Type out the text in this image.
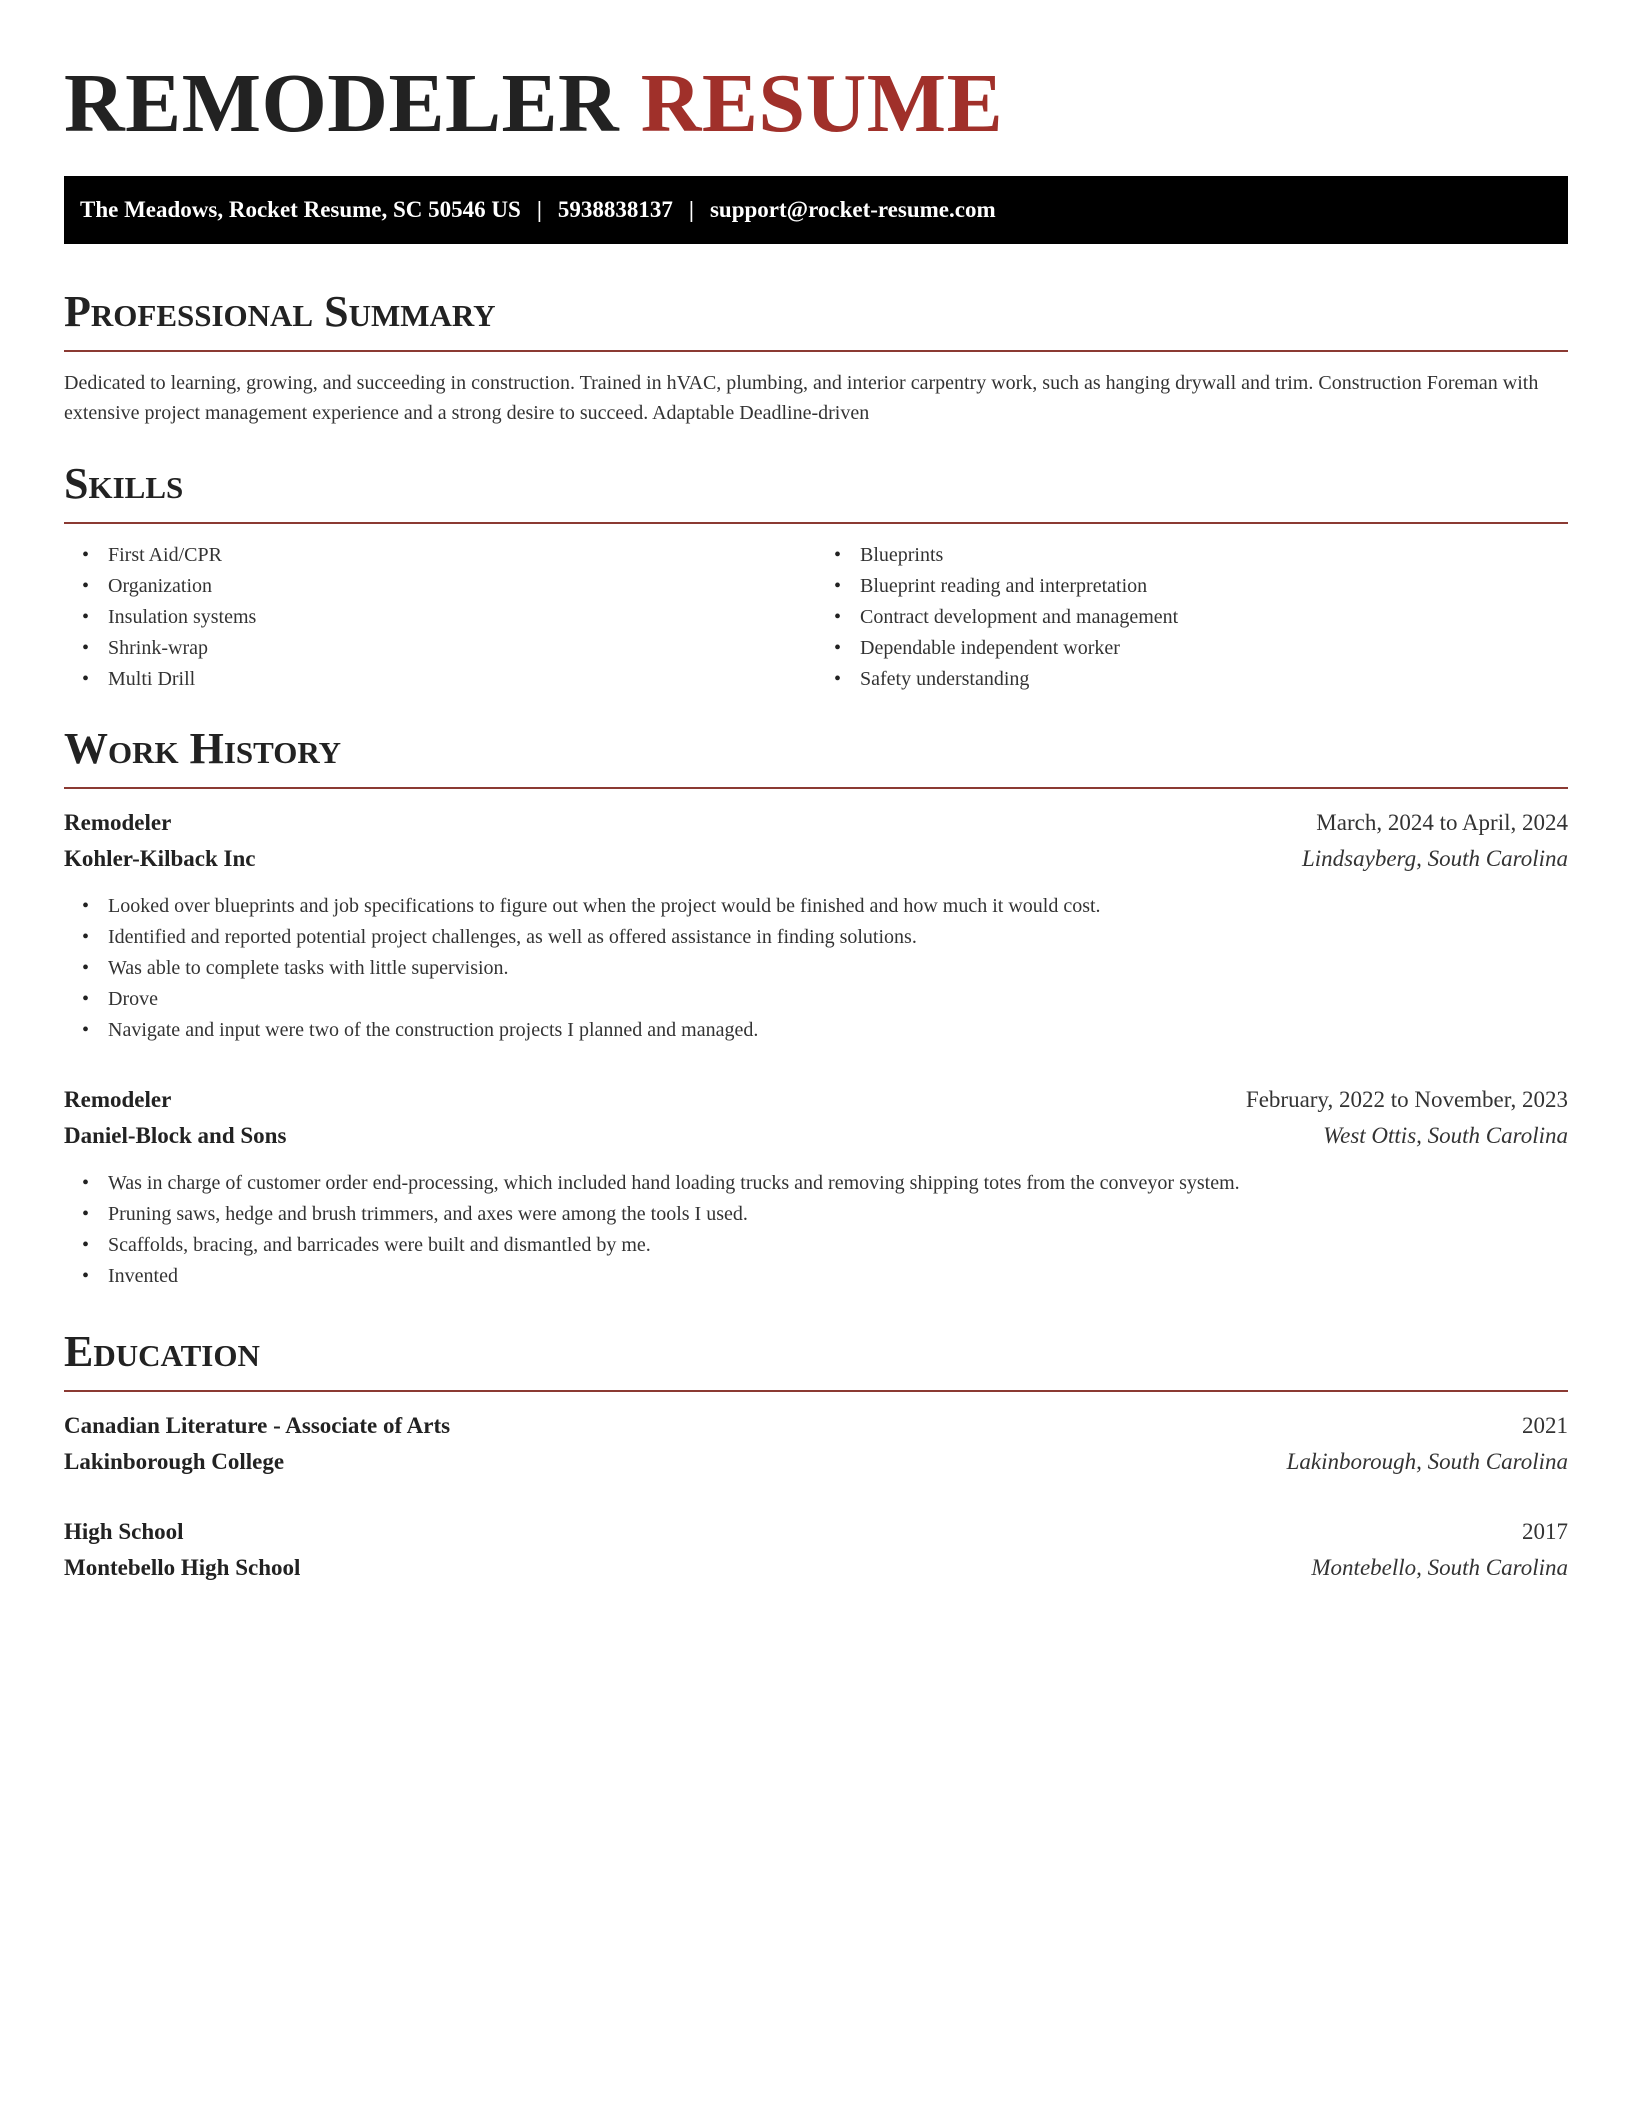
REMODELER RESUME
The Meadows, Rocket Resume, SC 50546 US | 5938838137 | support@rocket-resume.com
Professional Summary

Dedicated to learning, growing, and succeeding in construction. Trained in hVAC, plumbing, and interior carpentry work, such as hanging drywall and trim. Construction Foreman with extensive project management experience and a strong desire to succeed. Adaptable Deadline-driven

Skills
• First Aid/CPR
• Organization
• Insulation systems
• Shrink-wrap
• Multi Drill
• Blueprints
• Blueprint reading and interpretation
• Contract development and management
• Dependable independent worker
• Safety understanding
Work History
Remodeler	March, 2024 to April, 2024
Kohler-Kilback Inc	Lindsayberg, South Carolina
• Looked over blueprints and job specifications to figure out when the project would be finished and how much it would cost.
• Identified and reported potential project challenges, as well as offered assistance in finding solutions.
• Was able to complete tasks with little supervision.
• Drove
• Navigate and input were two of the construction projects I planned and managed.
Remodeler	February, 2022 to November, 2023
Daniel-Block and Sons	West Ottis, South Carolina
• Was in charge of customer order end-processing, which included hand loading trucks and removing shipping totes from the conveyor system.
• Pruning saws, hedge and brush trimmers, and axes were among the tools I used.
• Scaffolds, bracing, and barricades were built and dismantled by me.
• Invented
Education
Canadian Literature - Associate of Arts	2021
Lakinborough College	Lakinborough, South Carolina
High School	2017
Montebello High School	Montebello, South Carolina
